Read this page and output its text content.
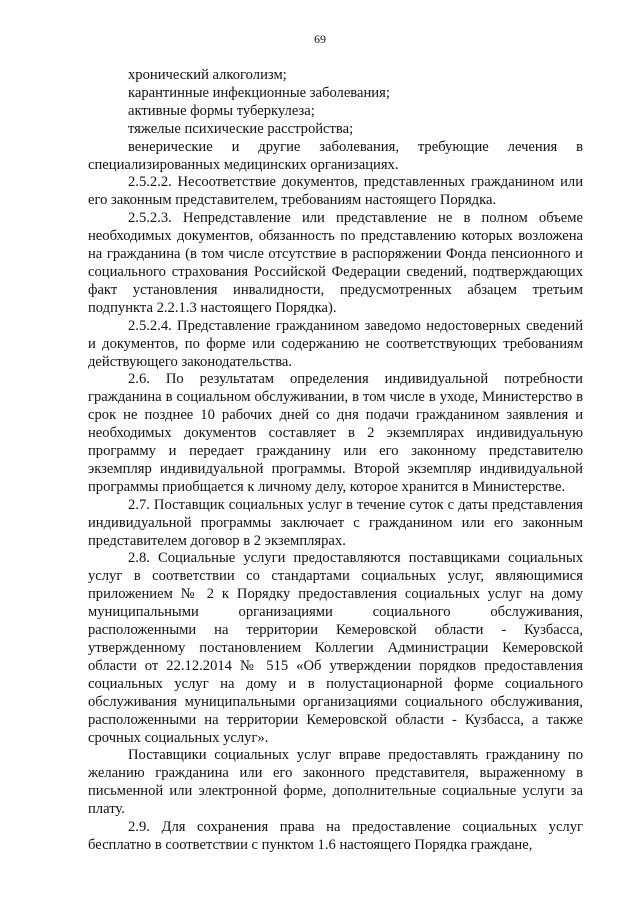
69

хронический алкоголизм;

карантинные инфекционные заболевания;

активные формы туберкулеза;

тяжелые психические расстройства;

венерические и другие заболевания, требующие лечения в специализированных медицинских организациях.

2.5.2.2. Несоответствие документов, представленных гражданином или его законным представителем, требованиям настоящего Порядка.

2.5.2.3. Непредставление или представление не в полном объеме необходимых документов, обязанность по представлению которых возложена на гражданина (в том числе отсутствие в распоряжении Фонда пенсионного и социального страхования Российской Федерации сведений, подтверждающих факт установления инвалидности, предусмотренных абзацем третьим подпункта 2.2.1.3 настоящего Порядка).

2.5.2.4. Представление гражданином заведомо недостоверных сведений и документов, по форме или содержанию не соответствующих требованиям действующего законодательства.

2.6. По результатам определения индивидуальной потребности гражданина в социальном обслуживании, в том числе в уходе, Министерство в срок не позднее 10 рабочих дней со дня подачи гражданином заявления и необходимых документов составляет в 2 экземплярах индивидуальную программу и передает гражданину или его законному представителю экземпляр индивидуальной программы. Второй экземпляр индивидуальной программы приобщается к личному делу, которое хранится в Министерстве.

2.7. Поставщик социальных услуг в течение суток с даты представления индивидуальной программы заключает с гражданином или его законным представителем договор в 2 экземплярах.

2.8. Социальные услуги предоставляются поставщиками социальных услуг в соответствии со стандартами социальных услуг, являющимися приложением № 2 к Порядку предоставления социальных услуг на дому муниципальными организациями социального обслуживания, расположенными на территории Кемеровской области - Кузбасса, утвержденному постановлением Коллегии Администрации Кемеровской области от 22.12.2014 № 515 «Об утверждении порядков предоставления социальных услуг на дому и в полустационарной форме социального обслуживания муниципальными организациями социального обслуживания, расположенными на территории Кемеровской области - Кузбасса, а также срочных социальных услуг».

Поставщики социальных услуг вправе предоставлять гражданину по желанию гражданина или его законного представителя, выраженному в письменной или электронной форме, дополнительные социальные услуги за плату.

2.9. Для сохранения права на предоставление социальных услуг бесплатно в соответствии с пунктом 1.6 настоящего Порядка граждане,
